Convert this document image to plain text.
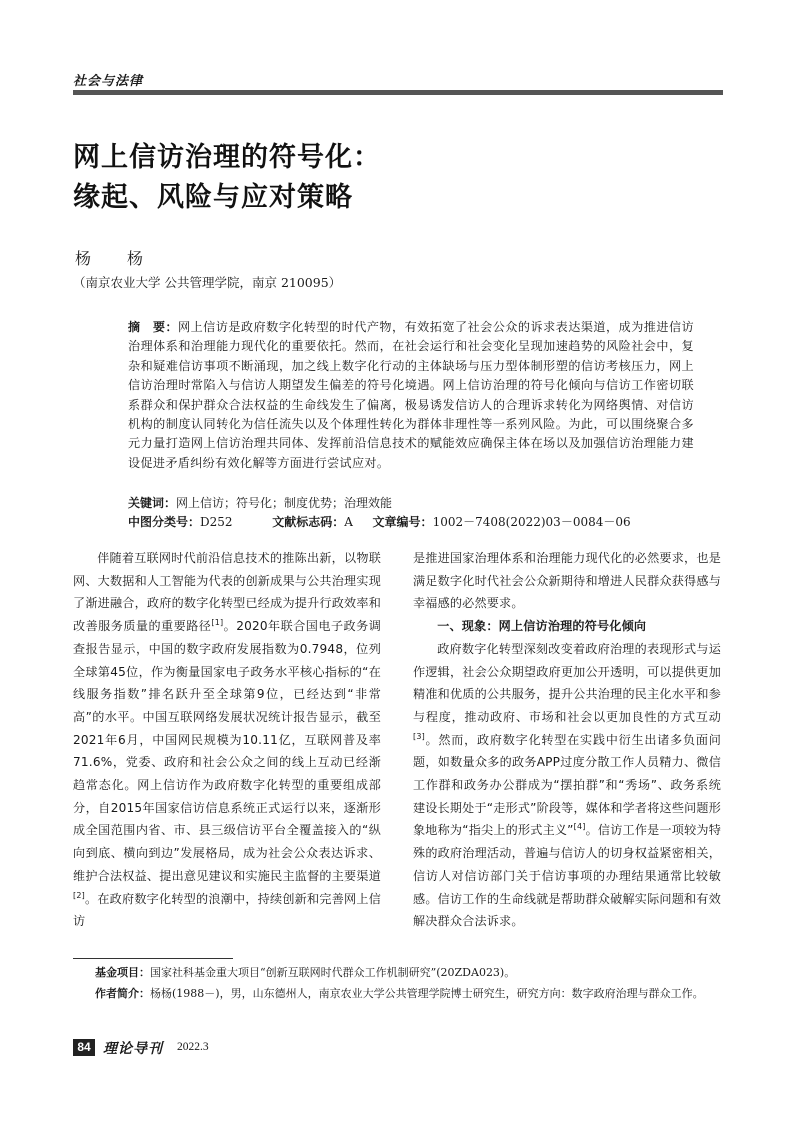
社会与法律
网上信访治理的符号化：
缘起、风险与应对策略
杨　杨
（南京农业大学 公共管理学院，南京 210095）
摘　要：网上信访是政府数字化转型的时代产物，有效拓宽了社会公众的诉求表达渠道，成为推进信访治理体系和治理能力现代化的重要依托。然而，在社会运行和社会变化呈现加速趋势的风险社会中，复杂和疑难信访事项不断涌现，加之线上数字化行动的主体缺场与压力型体制形塑的信访考核压力，网上信访治理时常陷入与信访人期望发生偏差的符号化境遇。网上信访治理的符号化倾向与信访工作密切联系群众和保护群众合法权益的生命线发生了偏离，极易诱发信访人的合理诉求转化为网络舆情、对信访机构的制度认同转化为信任流失以及个体理性转化为群体非理性等一系列风险。为此，可以围绕聚合多元力量打造网上信访治理共同体、发挥前沿信息技术的赋能效应确保主体在场以及加强信访治理能力建设促进矛盾纠纷有效化解等方面进行尝试应对。
关键词：网上信访；符号化；制度优势；治理效能
中图分类号：D252	文献标志码：A 文章编号：1002－7408(2022)03－0084－06

伴随着互联网时代前沿信息技术的推陈出新，以物联网、大数据和人工智能为代表的创新成果与公共治理实现了渐进融合，政府的数字化转型已经成为提升行政效率和改善服务质量的重要路径[1]。2020年联合国电子政务调查报告显示，中国的数字政府发展指数为0.7948，位列全球第45位，作为衡量国家电子政务水平核心指标的“在线服务指数”排名跃升至全球第9位，已经达到“非常高”的水平。中国互联网络发展状况统计报告显示，截至2021年6月，中国网民规模为10.11亿，互联网普及率71.6%，党委、政府和社会公众之间的线上互动已经渐趋常态化。网上信访作为政府数字化转型的重要组成部分，自2015年国家信访信息系统正式运行以来，逐渐形成全国范围内省、市、县三级信访平台全覆盖接入的“纵向到底、横向到边”发展格局，成为社会公众表达诉求、维护合法权益、提出意见建议和实施民主监督的主要渠道[2]。在政府数字化转型的浪潮中，持续创新和完善网上信访

是推进国家治理体系和治理能力现代化的必然要求，也是满足数字化时代社会公众新期待和增进人民群众获得感与幸福感的必然要求。

一、现象：网上信访治理的符号化倾向

政府数字化转型深刻改变着政府治理的表现形式与运作逻辑，社会公众期望政府更加公开透明，可以提供更加精准和优质的公共服务，提升公共治理的民主化水平和参与程度，推动政府、市场和社会以更加良性的方式互动[3]。然而，政府数字化转型在实践中衍生出诸多负面问题，如数量众多的政务APP过度分散工作人员精力、微信工作群和政务办公群成为“摆拍群”和“秀场”、政务系统建设长期处于“走形式”阶段等，媒体和学者将这些问题形象地称为“指尖上的形式主义”[4]。信访工作是一项较为特殊的政府治理活动，普遍与信访人的切身权益紧密相关，信访人对信访部门关于信访事项的办理结果通常比较敏感。信访工作的生命线就是帮助群众破解实际问题和有效解决群众合法诉求。

基金项目：国家社科基金重大项目“创新互联网时代群众工作机制研究”(20ZDA023)。
作者简介：杨杨(1988－)，男，山东德州人，南京农业大学公共管理学院博士研究生，研究方向：数字政府治理与群众工作。
84 理论导刊 2022.3
